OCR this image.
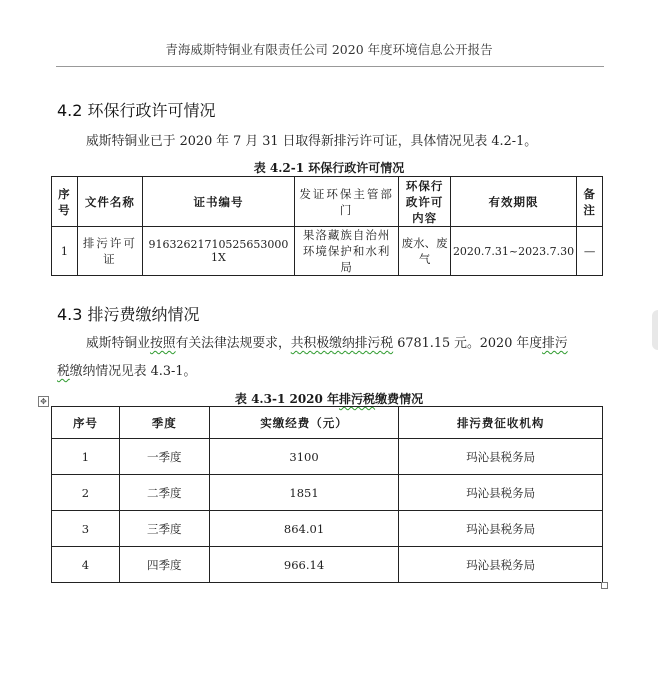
青海威斯特铜业有限责任公司 2020 年度环境信息公开报告
4.2 环保行政许可情况
威斯特铜业已于 2020 年 7 月 31 日取得新排污许可证，具体情况见表 4.2-1。
表 4.2-1 环保行政许可情况
序号	文件名称	证书编号	发证环保主管部门	环保行政许可内容	有效期限	备注
1	排污许可证	91632621710525653000 1X	果洛藏族自治州环境保护和水利局	废水、废气	2020.7.31~2023.7.30	—
4.3 排污费缴纳情况
威斯特铜业按照有关法律法规要求，共积极缴纳排污税 6781.15 元。2020 年度排污
税缴纳情况见表 4.3-1。
✥	表 4.3-1 2020 年排污税缴费情况
序号	季度	实缴经费（元）	排污费征收机构
1	一季度	3100	玛沁县税务局
2	二季度	1851	玛沁县税务局
3	三季度	864.01	玛沁县税务局
4	四季度	966.14	玛沁县税务局
